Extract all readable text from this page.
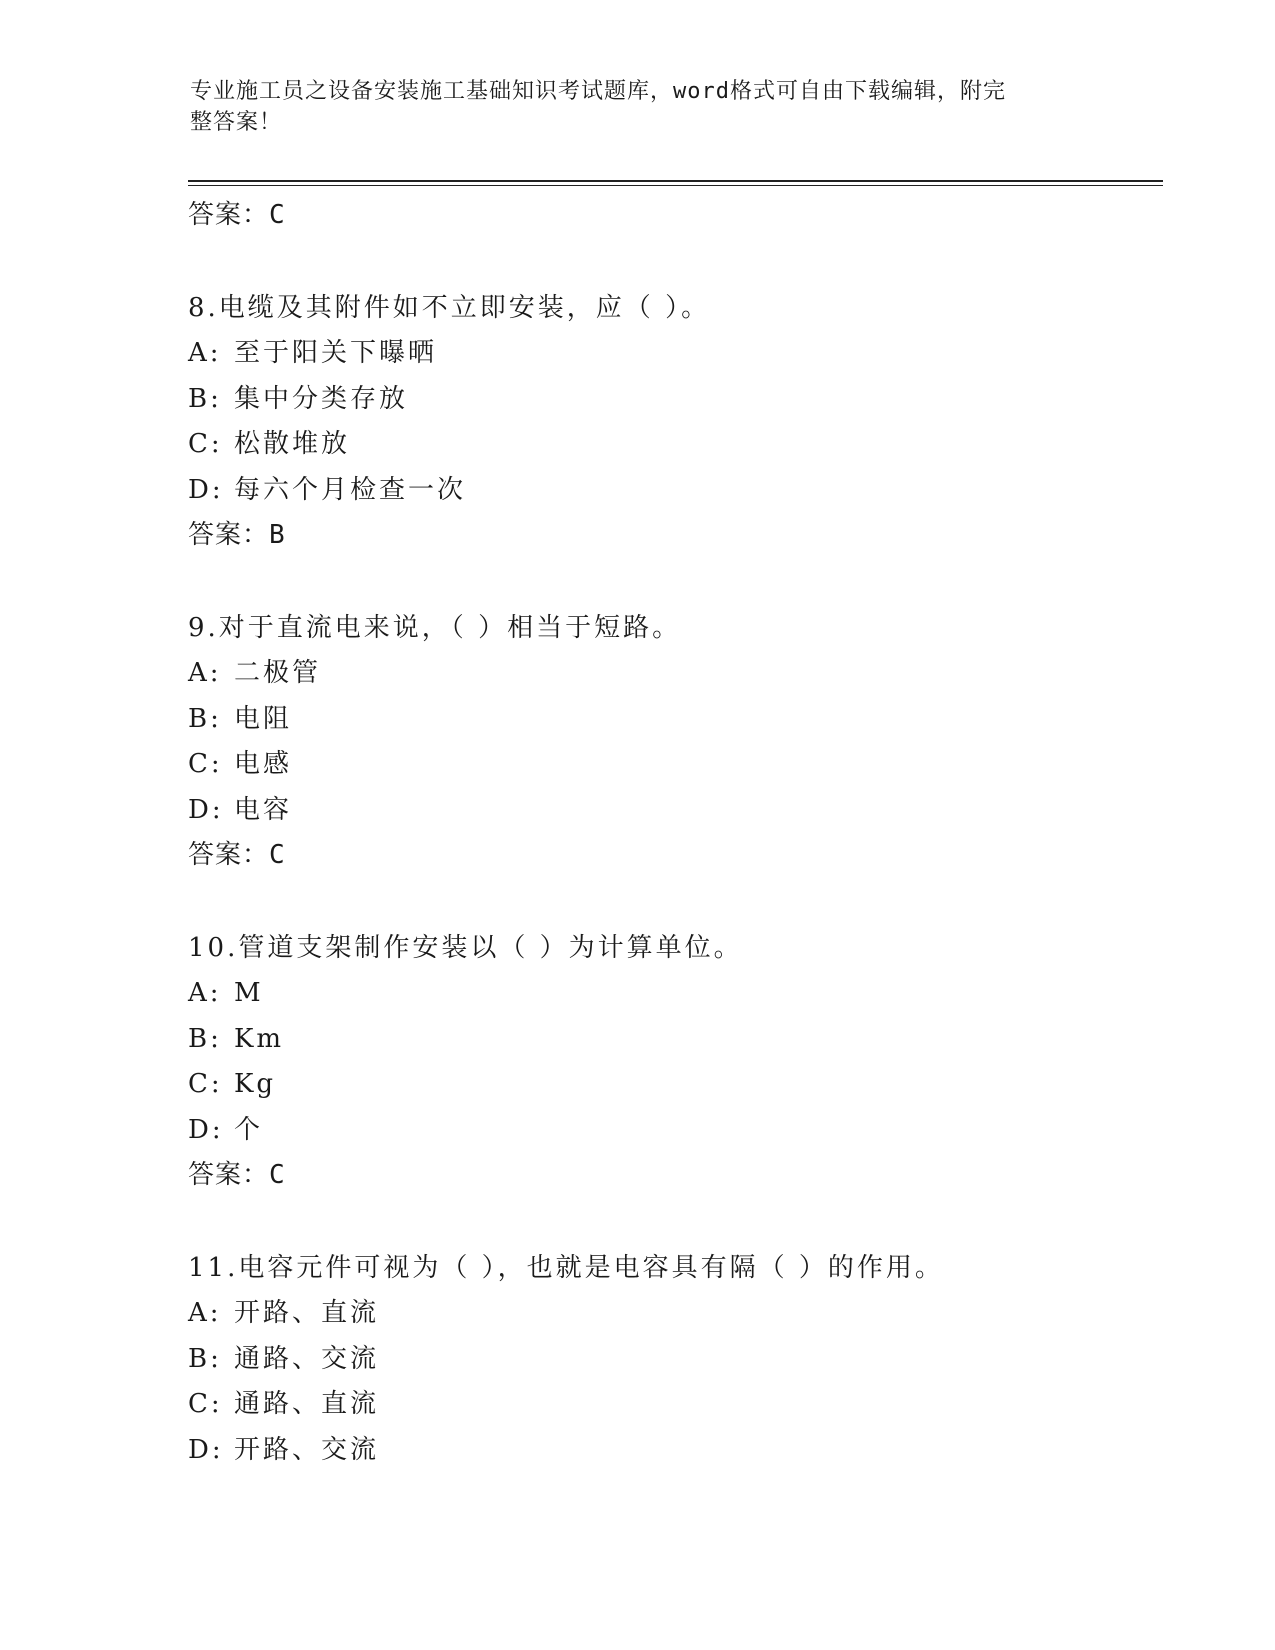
专业施工员之设备安装施工基础知识考试题库，word格式可自由下载编辑，附完
整答案！
答案：C
8.电缆及其附件如不立即安装，应（ ）。
A: 至于阳关下曝晒
B: 集中分类存放
C: 松散堆放
D: 每六个月检查一次
答案：B
9.对于直流电来说，（ ）相当于短路。
A: 二极管
B: 电阻
C: 电感
D: 电容
答案：C
10.管道支架制作安装以（ ）为计算单位。
A: M
B: Km
C: Kg
D: 个
答案：C
11.电容元件可视为（ ），也就是电容具有隔（ ）的作用。
A: 开路、直流
B: 通路、交流
C: 通路、直流
D: 开路、交流
